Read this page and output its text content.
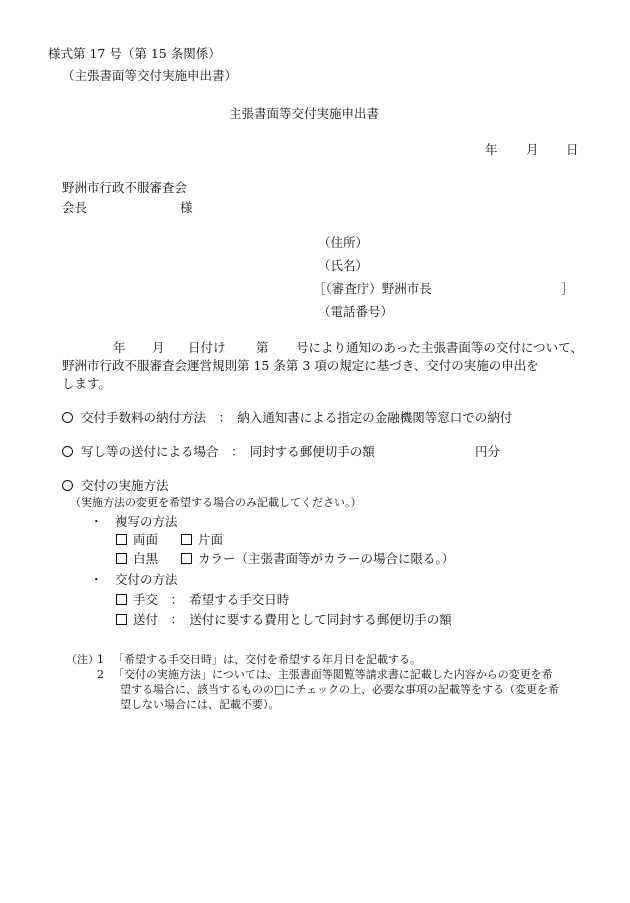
様式第 17 号（第 15 条関係）
（主張書面等交付実施申出書）
主張書面等交付実施申出書
年 月 日
野洲市行政不服審査会
会長	様
（住所）
（氏名）
［（審査庁）野洲市長	］
（電話番号）
年 月 日付け 第 号により通知のあった主張書面等の交付について、
野洲市行政不服審査会運営規則第 15 条第 3 項の規定に基づき、交付の実施の申出を
します。
交付手数料の納付方法　：　納入通知書による指定の金融機関等窓口での納付
写し等の送付による場合　：　同封する郵便切手の額	円分
交付の実施方法
（実施方法の変更を希望する場合のみ記載してください。）
・　複写の方法
両面	片面
白黒	カラー（主張書面等がカラーの場合に限る。）
・　交付の方法
手交　：　希望する手交日時
送付　：　送付に要する費用として同封する郵便切手の額
（注）
1 「希望する手交日時」は、交付を希望する年月日を記載する。
2 「交付の実施方法」については、主張書面等閲覧等請求書に記載した内容からの変更を希
望する場合に、該当するものの□にチェックの上、必要な事項の記載等をする（変更を希
望しない場合には、記載不要）。
